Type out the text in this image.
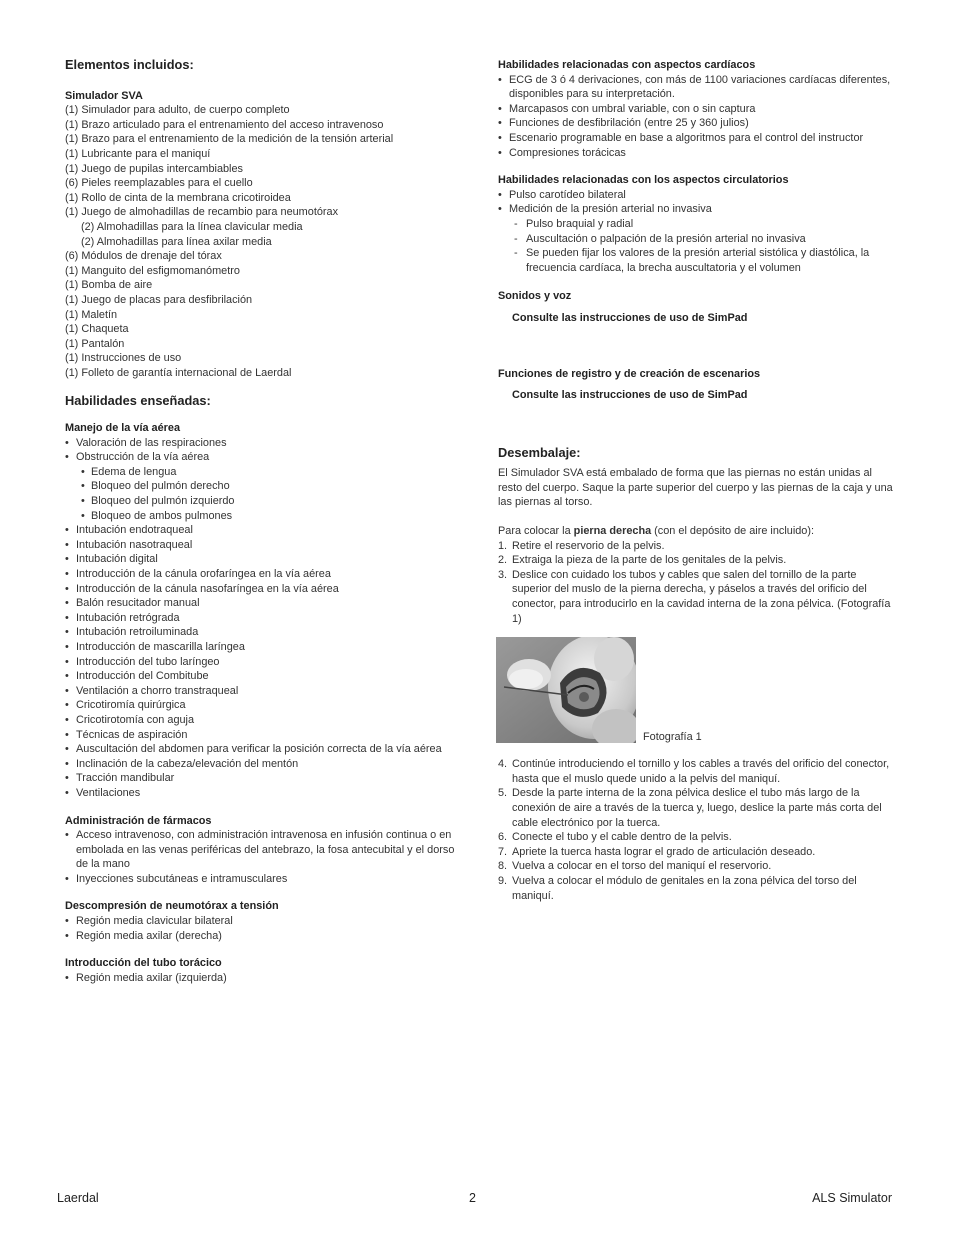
Elementos incluidos:

Simulador SVA

(1) Simulador para adulto, de cuerpo completo
(1) Brazo articulado para el entrenamiento del acceso intravenoso
(1) Brazo para el entrenamiento de la medición de la tensión arterial
(1) Lubricante para el maniquí
(1) Juego de pupilas intercambiables
(6) Pieles reemplazables para el cuello
(1) Rollo de cinta de la membrana cricotiroidea
(1) Juego de almohadillas de recambio para neumotórax
(2) Almohadillas para la línea clavicular media
(2) Almohadillas para línea axilar media
(6) Módulos de drenaje del tórax
(1) Manguito del esfigmomanómetro
(1) Bomba de aire
(1) Juego de placas para desfibrilación
(1) Maletín
(1) Chaqueta
(1) Pantalón
(1) Instrucciones de uso
(1) Folleto de garantía internacional de Laerdal

Habilidades enseñadas:

Manejo de la vía aérea

• Valoración de las respiraciones
• Obstrucción de la vía aérea
• Edema de lengua
• Bloqueo del pulmón derecho
• Bloqueo del pulmón izquierdo
• Bloqueo de ambos pulmones
• Intubación endotraqueal
• Intubación nasotraqueal
• Intubación digital
• Introducción de la cánula orofaríngea en la vía aérea
• Introducción de la cánula nasofaríngea en la vía aérea
• Balón resucitador manual
• Intubación retrógrada
• Intubación retroiluminada
• Introducción de mascarilla laríngea
• Introducción del tubo laríngeo
• Introducción del Combitube
• Ventilación a chorro transtraqueal
• Cricotiromía quirúrgica
• Cricotirotomía con aguja
• Técnicas de aspiración
• Auscultación del abdomen para verificar la posición correcta de la vía aérea
• Inclinación de la cabeza/elevación del mentón
• Tracción mandibular
• Ventilaciones

Administración de fármacos

• Acceso intravenoso, con administración intravenosa en infusión continua o en embolada en las venas periféricas del antebrazo, la fosa antecubital y el dorso de la mano
• Inyecciones subcutáneas e intramusculares

Descompresión de neumotórax a tensión

• Región media clavicular bilateral
• Región media axilar (derecha)

Introducción del tubo torácico

• Región media axilar (izquierda)

Habilidades relacionadas con aspectos cardíacos

• ECG de 3 ó 4 derivaciones, con más de 1100 variaciones cardíacas diferentes, disponibles para su interpretación.
• Marcapasos con umbral variable, con o sin captura
• Funciones de desfibrilación (entre 25 y 360 julios)
• Escenario programable en base a algoritmos para el control del instructor
• Compresiones torácicas

Habilidades relacionadas con los aspectos circulatorios

• Pulso carotídeo bilateral
• Medición de la presión arterial no invasiva
- Pulso braquial y radial
- Auscultación o palpación de la presión arterial no invasiva
- Se pueden fijar los valores de la presión arterial sistólica y diastólica, la frecuencia cardíaca, la brecha auscultatoria y el volumen

Sonidos y voz

Consulte las instrucciones de uso de SimPad

Funciones de registro y de creación de escenarios

Consulte las instrucciones de uso de SimPad

Desembalaje:

El Simulador SVA está embalado de forma que las piernas no están unidas al resto del cuerpo. Saque la parte superior del cuerpo y las piernas de la caja y una las piernas al torso.

Para colocar la pierna derecha (con el depósito de aire incluido):

1. Retire el reservorio de la pelvis.
2. Extraiga la pieza de la parte de los genitales de la pelvis.
3. Deslice con cuidado los tubos y cables que salen del tornillo de la parte superior del muslo de la pierna derecha, y páselos a través del orificio del conector, para introducirlo en la cavidad interna de la zona pélvica. (Fotografía 1)
Fotografía 1
4. Continúe introduciendo el tornillo y los cables a través del orificio del conector, hasta que el muslo quede unido a la pelvis del maniquí.
5. Desde la parte interna de la zona pélvica deslice el tubo más largo de la conexión de aire a través de la tuerca y, luego, deslice la parte más corta del cable electrónico por la tuerca.
6. Conecte el tubo y el cable dentro de la pelvis.
7. Apriete la tuerca hasta lograr el grado de articulación deseado.
8. Vuelva a colocar en el torso del maniquí el reservorio.
9. Vuelva a colocar el módulo de genitales en la zona pélvica del torso del maniquí.
Laerdal	2	ALS Simulator
